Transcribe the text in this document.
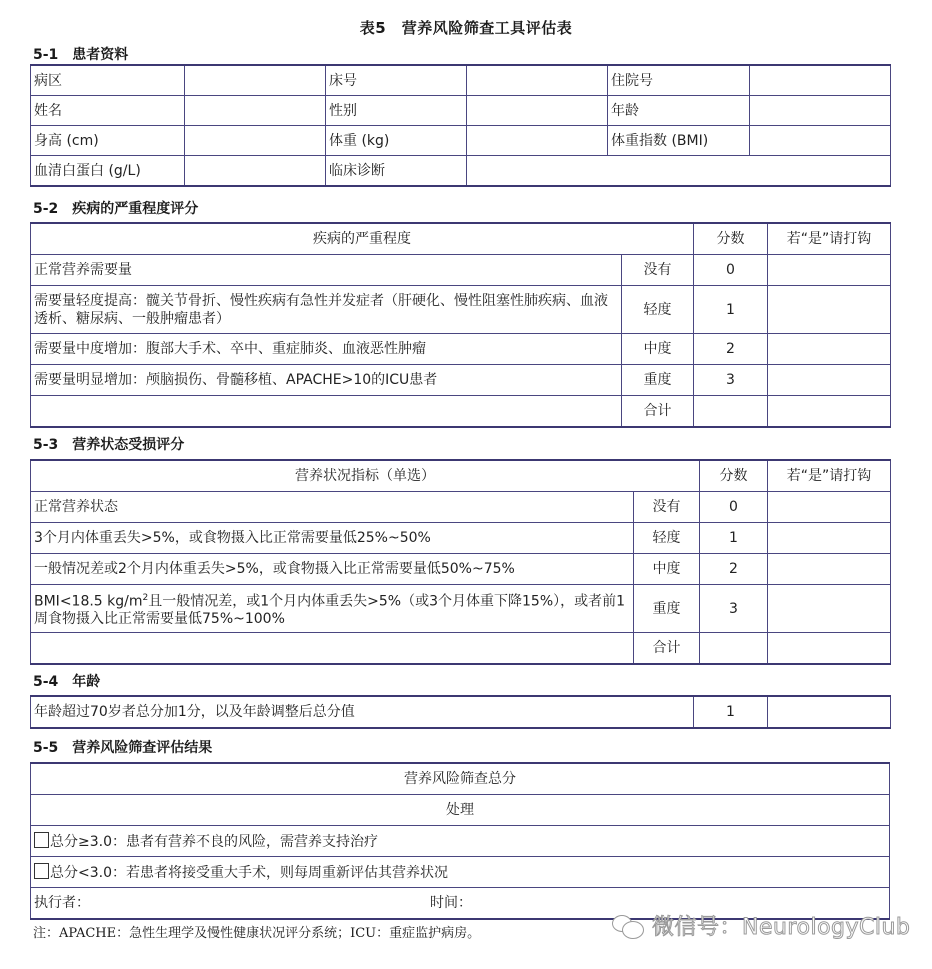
表5　营养风险筛查工具评估表
5-1 患者资料
病区		床号		住院号	
姓名		性别		年龄	
身高 (cm)		体重 (kg)		体重指数 (BMI)	
血清白蛋白 (g/L)		临床诊断			
5-2 疾病的严重程度评分
疾病的严重程度		分数	若“是”请打钩
正常营养需要量	没有	0	
需要量轻度提高：髋关节骨折、慢性疾病有急性并发症者（肝硬化、慢性阻塞性肺疾病、血液透析、糖尿病、一般肿瘤患者）	轻度	1	
需要量中度增加：腹部大手术、卒中、重症肺炎、血液恶性肿瘤	中度	2	
需要量明显增加：颅脑损伤、骨髓移植、APACHE>10的ICU患者	重度	3	
	合计		
5-3 营养状态受损评分
营养状况指标（单选）		分数	若“是”请打钩
正常营养状态	没有	0	
3个月内体重丢失>5%，或食物摄入比正常需要量低25%~50%	轻度	1	
一般情况差或2个月内体重丢失>5%，或食物摄入比正常需要量低50%~75%	中度	2	
BMI<18.5 $kg/m^2$且一般情况差，或1个月内体重丢失>5%（或3个月体重下降15%），或者前1周食物摄入比正常需要量低75%~100%	重度	3	
	合计		
5-4 年龄
年龄超过70岁者总分加1分，以及年龄调整后总分值	1	
5-5 营养风险筛查评估结果
营养风险筛查总分
处理
总分≥3.0：患者有营养不良的风险，需营养支持治疗
总分<3.0：若患者将接受重大手术，则每周重新评估其营养状况
执行者：	时间：
注：APACHE：急性生理学及慢性健康状况评分系统；ICU：重症监护病房。	微信号：NeurologyClub
